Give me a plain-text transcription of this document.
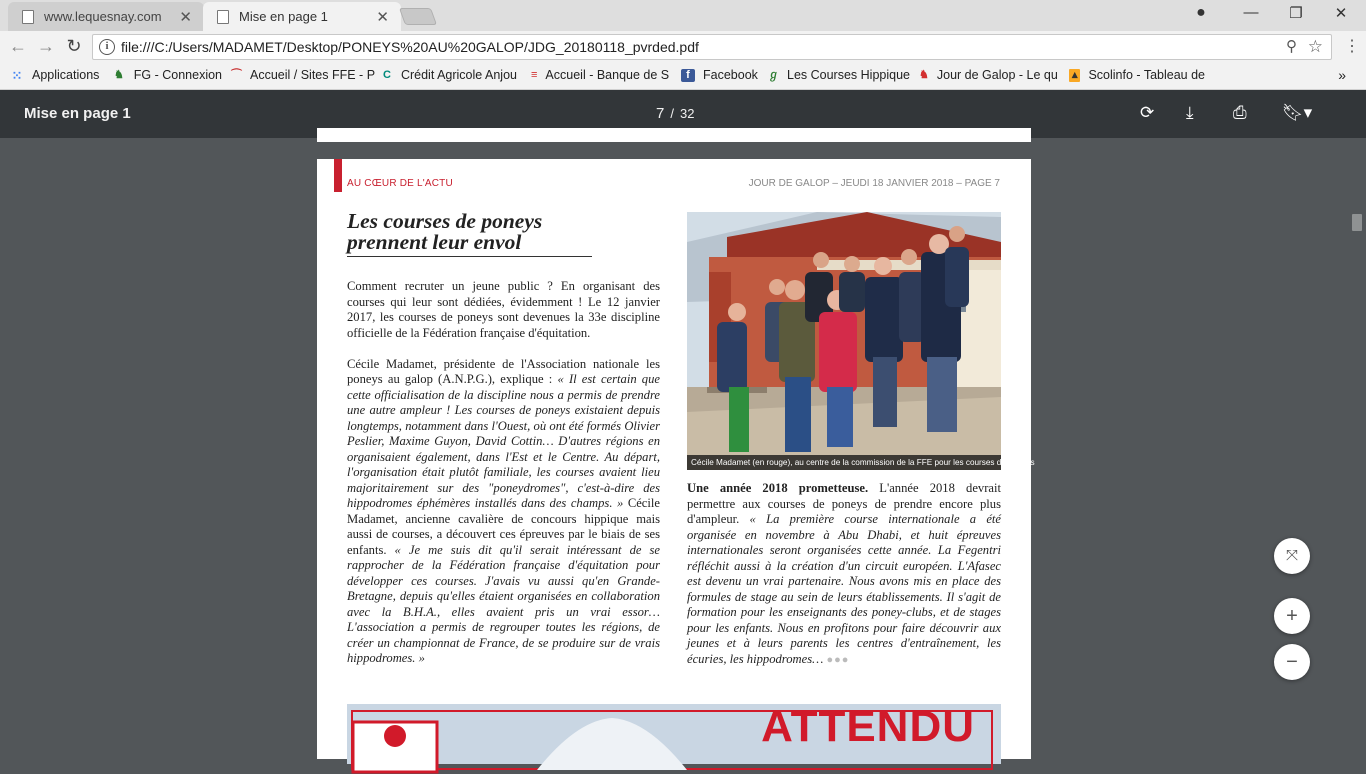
www.lequesnay.com ✕	Mise en page 1	✕	●	—	❐	✕
← → ↻	i file:///C:/Users/MADAMET/Desktop/PONEYS%20AU%20GALOP/JDG_20180118_pvrded.pdf	⚲ ☆ ⋮
⁙ Applications ♞ FG - Connexion ⌒ Accueil / Sites FFE - P C Crédit Agricole Anjou ≡ Accueil - Banque de S	f	Facebook ℊ Les Courses Hippique ♞ Jour de Galop - Le qu ▴ Scolinfo - Tableau de	»
Mise en page 1	7 / 32	⟳ ⤓ ⎙ 🔖︎▾
AU CŒUR DE L'ACTU	JOUR DE GALOP – JEUDI 18 JANVIER 2018 – PAGE 7
Les courses de poneys prennent leur envol

Comment recruter un jeune public ? En organisant des courses qui leur sont dédiées, évidemment ! Le 12 janvier 2017, les courses de poneys sont devenues la 33e discipline officielle de la Fédération française d'équitation.

Cécile Madamet, présidente de l'Association nationale les poneys au galop (A.N.P.G.), explique : « Il est certain que cette officialisation de la discipline nous a permis de prendre une autre ampleur ! Les courses de poneys existaient depuis longtemps, notamment dans l'Ouest, où ont été formés Olivier Peslier, Maxime Guyon, David Cottin… D'autres régions en organisaient également, dans l'Est et le Centre. Au départ, l'organisation était plutôt familiale, les courses avaient lieu majoritairement sur des "poneydromes", c'est-à-dire des hippodromes éphémères installés dans des champs. » Cécile Madamet, ancienne cavalière de concours hippique mais aussi de courses, a découvert ces épreuves par le biais de ses enfants. « Je me suis dit qu'il serait intéressant de se rapprocher de la Fédération française d'équitation pour développer ces courses. J'avais vu aussi qu'en Grande-Bretagne, depuis qu'elles étaient organisées en collaboration avec la B.H.A., elles avaient pris un vrai essor… L'association a permis de regrouper toutes les régions, de créer un championnat de France, de se produire sur de vrais hippodromes. »

Cécile Madamet (en rouge), au centre de la commission de la FFE pour les courses de poneys

Une année 2018 prometteuse. L'année 2018 devrait permettre aux courses de poneys de prendre encore plus d'ampleur. « La première course internationale a été organisée en novembre à Abu Dhabi, et huit épreuves internationales seront organisées cette année. La Fegentri réfléchit aussi à la création d'un circuit européen. L'Afasec est devenu un vrai partenaire. Nous avons mis en place des formules de stage au sein de leurs établissements. Il s'agit de formation pour les enseignants des poney-clubs, et de stages pour les enfants. Nous en profitons pour faire découvrir aux jeunes et à leurs parents les centres d'entraînement, les écuries, les hippodromes… ●●●

ATTENDU
⤧
+
−
